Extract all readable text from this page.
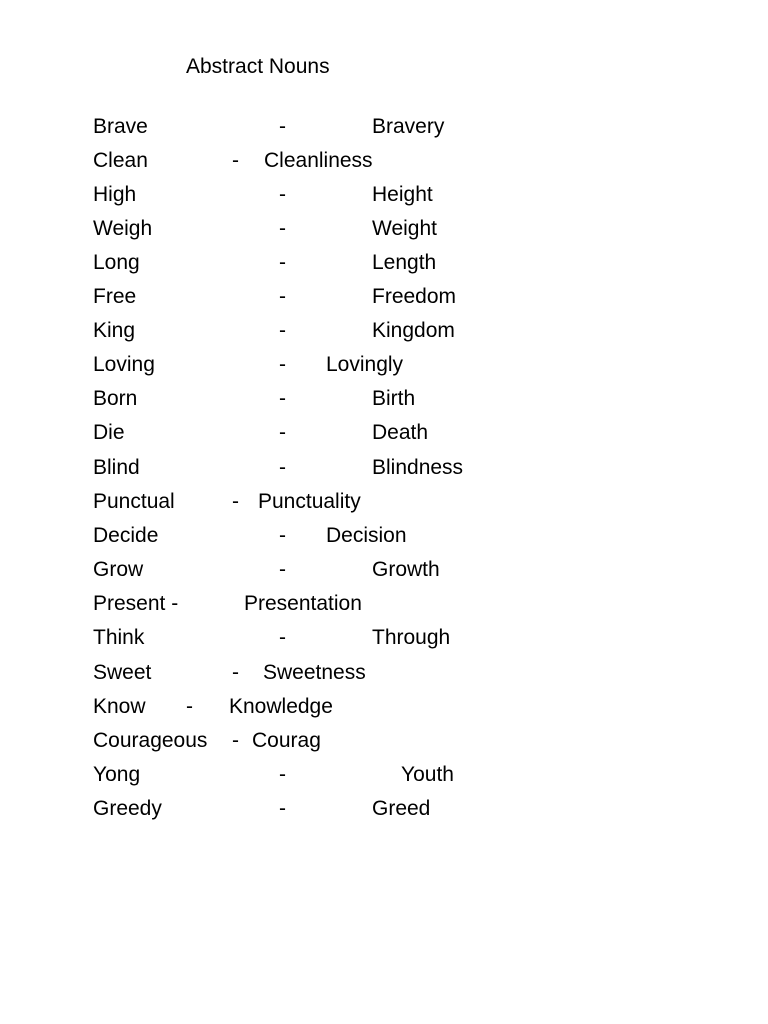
Abstract Nouns
Brave	-	Bravery
Clean	- Cleanliness
High	-	Height
Weigh	-	Weight
Long	-	Length
Free	-	Freedom
King	-	Kingdom
Loving	- Lovingly
Born	-	Birth
Die	-	Death
Blind	-	Blindness
Punctual	- Punctuality
Decide	- Decision
Grow	-	Growth
Present -	Presentation
Think	-	Through
Sweet	- Sweetness
Know - Knowledge
Courageous - Courag
Yong	-	Youth
Greedy	-	Greed
